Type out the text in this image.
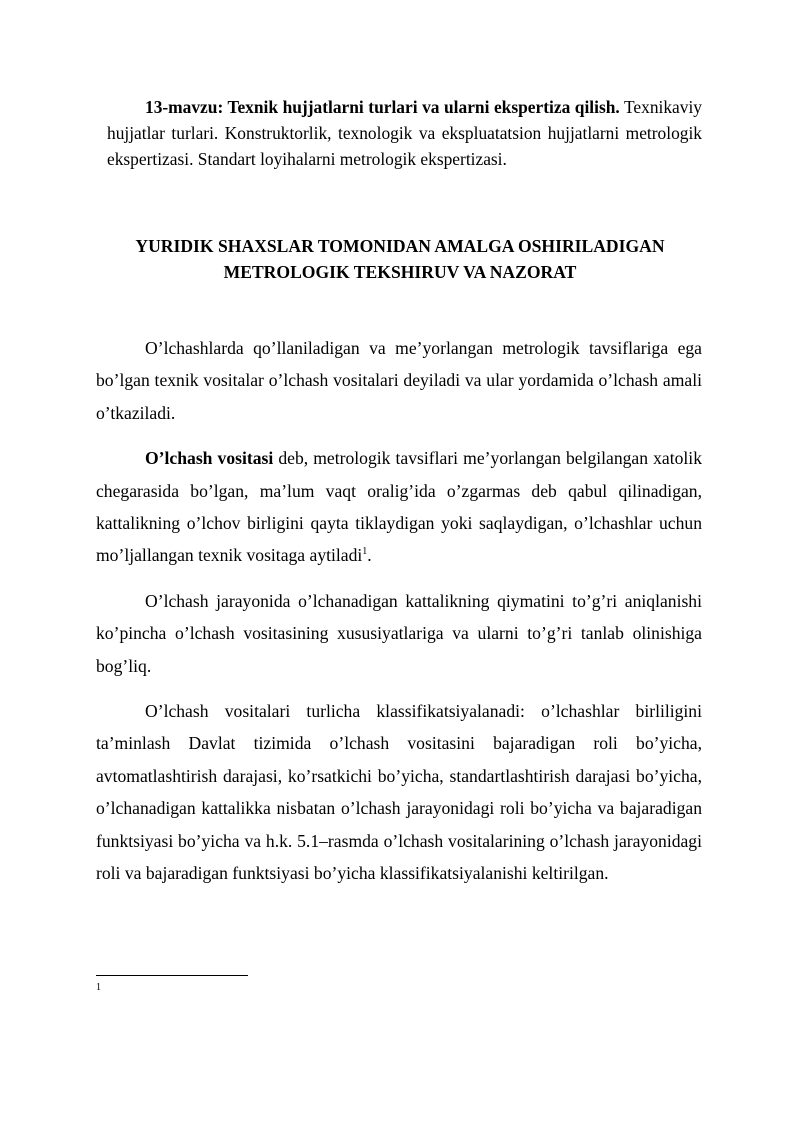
13-mavzu: Texnik hujjatlarni turlari va ularni ekspertiza qilish. Texnikaviy hujjatlar turlari. Konstruktorlik, texnologik va ekspluatatsion hujjatlarni metrologik ekspertizasi. Standart loyihalarni metrologik ekspertizasi.
YURIDIK SHAXSLAR TOMONIDAN AMALGA OSHIRILADIGAN
METROLOGIK TEKSHIRUV VA NAZORAT

O’lchashlarda qo’llaniladigan va me’yorlangan metrologik tavsiflariga ega bo’lgan texnik vositalar o’lchash vositalari deyiladi va ular yordamida o’lchash amali o’tkaziladi.

O’lchash vositasi deb, metrologik tavsiflari me’yorlangan belgilangan xatolik chegarasida bo’lgan, ma’lum vaqt oralig’ida o’zgarmas deb qabul qilinadigan, kattalikning o’lchov birligini qayta tiklaydigan yoki saqlaydigan, o’lchashlar uchun mo’ljallangan texnik vositaga aytiladi$^1$.

O’lchash jarayonida o’lchanadigan kattalikning qiymatini to’g’ri aniqlanishi ko’pincha o’lchash vositasining xususiyatlariga va ularni to’g’ri tanlab olinishiga bog’liq.

O’lchash vositalari turlicha klassifikatsiyalanadi: o’lchashlar birliligini ta’minlash Davlat tizimida o’lchash vositasini bajaradigan roli bo’yicha, avtomatlashtirish darajasi, ko’rsatkichi bo’yicha, standartlashtirish darajasi bo’yicha, o’lchanadigan kattalikka nisbatan o’lchash jarayonidagi roli bo’yicha va bajaradigan funktsiyasi bo’yicha va h.k. 5.1–rasmda o’lchash vositalarining o’lchash jarayonidagi roli va bajaradigan funktsiyasi bo’yicha klassifikatsiyalanishi keltirilgan.

1
